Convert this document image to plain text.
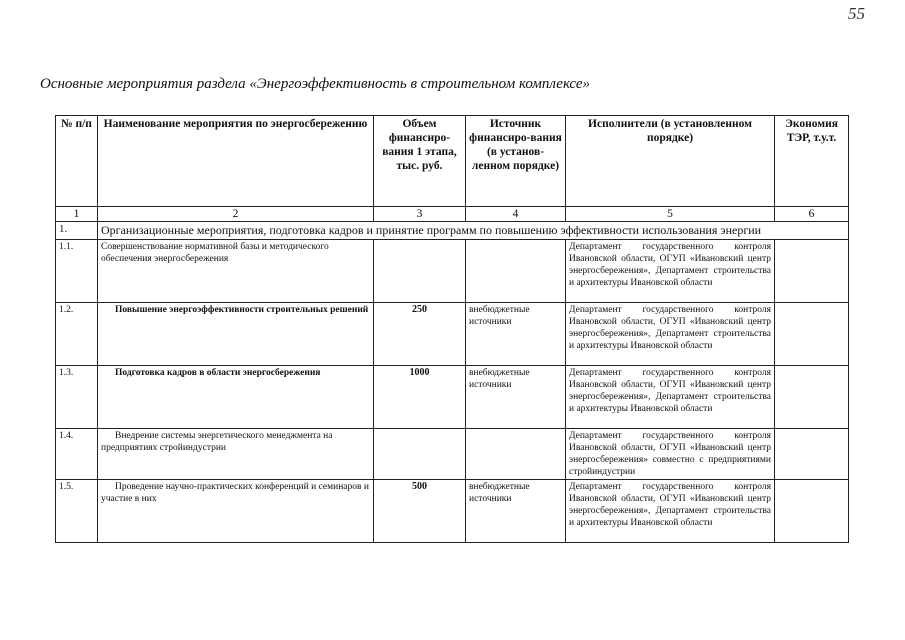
55
Основные мероприятия раздела «Энергоэффективность в строительном комплексе»
№ п/п	Наименование мероприятия по энергосбережению	Объем финансиро-вания 1 этапа, тыс. руб.	Источник финансиро-вания (в установ-ленном порядке)	Исполнители (в установленном порядке)	Экономия ТЭР, т.у.т.
1	2	3	4	5	6
1.	Организационные мероприятия, подготовка кадров и принятие программ по повышению эффективности использования энергии				
1.1.	Совершенствование нормативной базы и методического обеспечения энергосбережения			Департамент государственного контроля Ивановской области, ОГУП «Ивановский центр энергосбережения», Департамент строительства и архитектуры Ивановской области	
1.2.	Повышение энергоэффективности строительных решений	250	внебюджетные источники	Департамент государственного контроля Ивановской области, ОГУП «Ивановский центр энергосбережения», Департамент строительства и архитектуры Ивановской области	
1.3.	Подготовка кадров в области энергосбережения	1000	внебюджетные источники	Департамент государственного контроля Ивановской области, ОГУП «Ивановский центр энергосбережения», Департамент строительства и архитектуры Ивановской области	
1.4.	Внедрение системы энергетического менеджмента на предприятиях стройиндустрии			Департамент государственного контроля Ивановской области, ОГУП «Ивановский центр энергосбережения» совместно с предприятиями стройиндустрии	
1.5.	Проведение научно-практических конференций и семинаров и участие в них	500	внебюджетные источники	Департамент государственного контроля Ивановской области, ОГУП «Ивановский центр энергосбережения», Департамент строительства и архитектуры Ивановской области	
